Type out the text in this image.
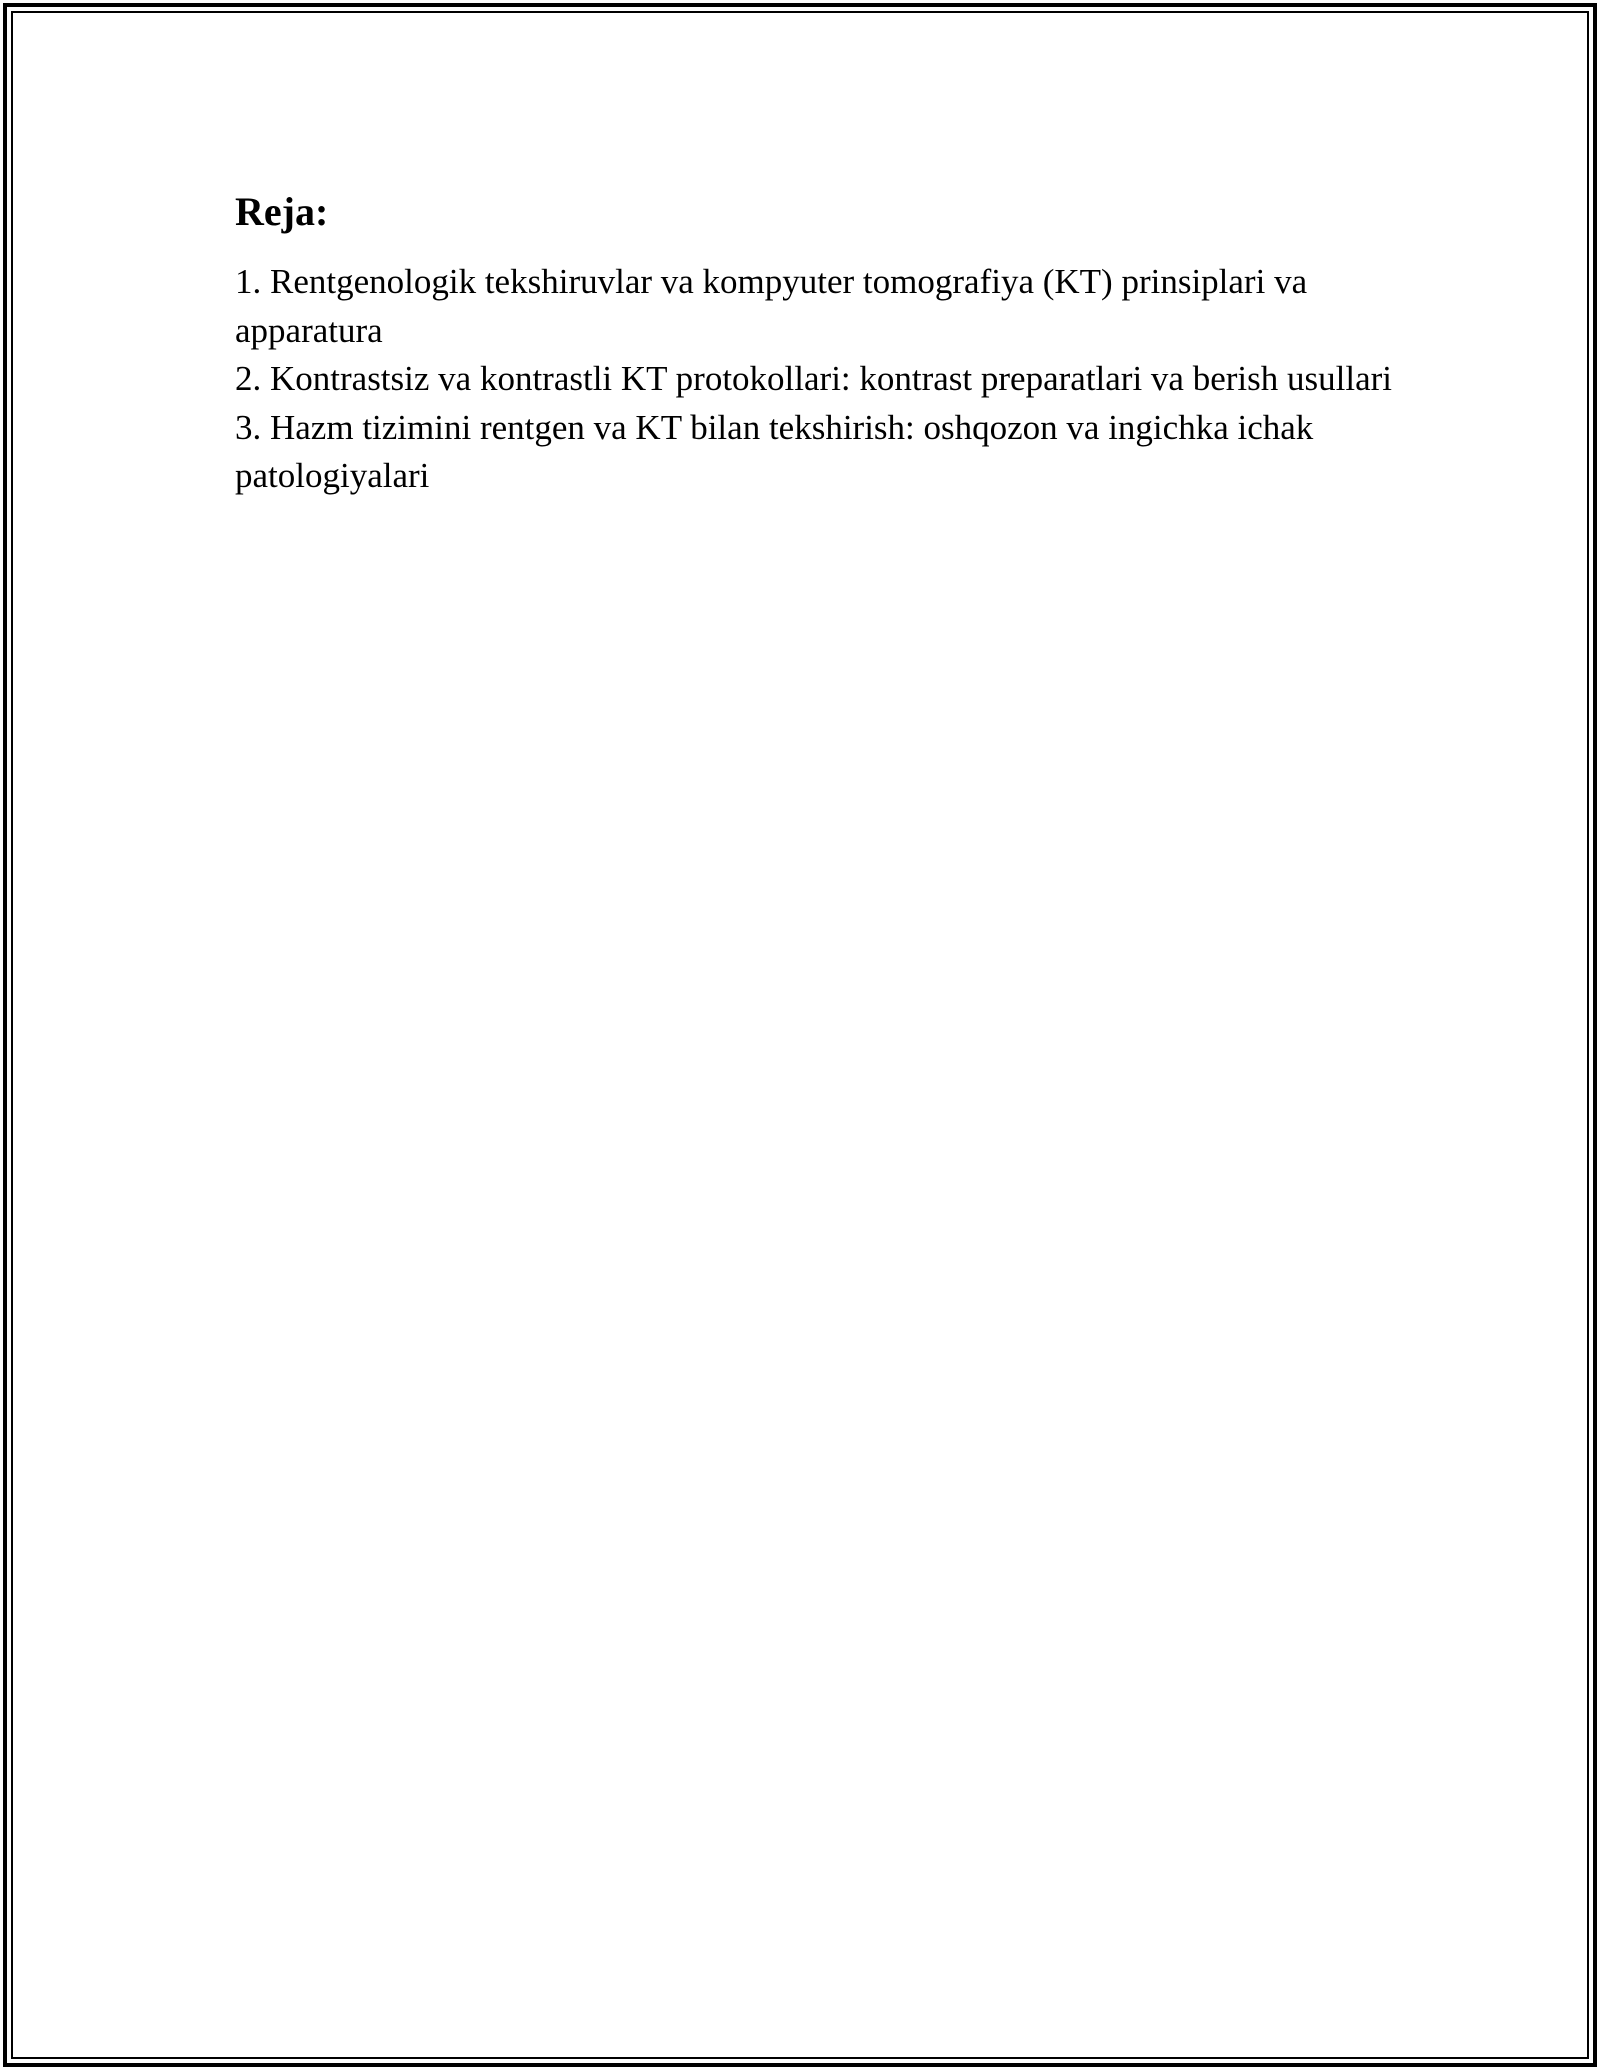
Reja:
1. Rentgenologik tekshiruvlar va kompyuter tomografiya (KT) prinsiplari va apparatura
2. Kontrastsiz va kontrastli KT protokollari: kontrast preparatlari va berish usullari
3. Hazm tizimini rentgen va KT bilan tekshirish: oshqozon va ingichka ichak patologiyalari
